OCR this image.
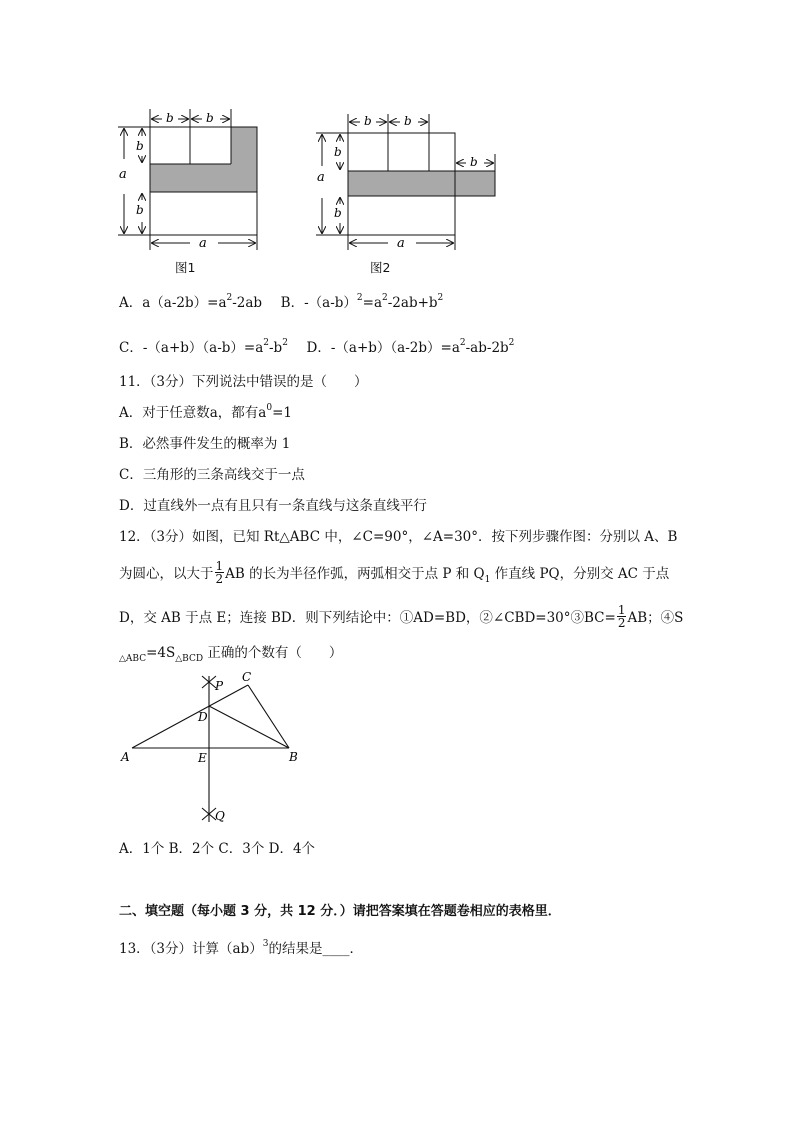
b	b
a
b
b
a
图1
b	b
b
a
b
b
a
图2
A．$a(a-2b)=a^2-2ab$ B．$-(a-b)^2=a^2-2ab+b^2$
C．$-(a+b)(a-b)=a^2-b^2$ D．$-(a+b)(a-2b)=a^2-ab-2b^2$
11．（3分）下列说法中错误的是（　　）
A．对于任意数a，都有$a^0=1$
B．必然事件发生的概率为 1
C．三角形的三条高线交于一点
D．过直线外一点有且只有一条直线与这条直线平行
12．（3分）如图，已知 Rt△ABC 中，∠C=90°，∠A=30°．按下列步骤作图：分别以 A、B
为圆心，以大于 $\frac{1}{2}$ AB 的长为半径作弧，两弧相交于点 P 和 $Q_1$ 作直线 PQ，分别交 AC 于点
D，交 AB 于点 E；连接 BD．则下列结论中：①AD=BD，②∠CBD=30°③BC= $\frac{1}{2}$ AB；④S
$_{\triangle ABC}=4S_{\triangle BCD}$ 正确的个数有（　　）
P
C
D
A	E	B
Q
A．1个 B．2个 C．3个 D．4个
二、填空题（每小题 3 分，共 12 分．）请把答案填在答题卷相应的表格里．
13．（3分）计算（ab）$^3$的结果是____．
